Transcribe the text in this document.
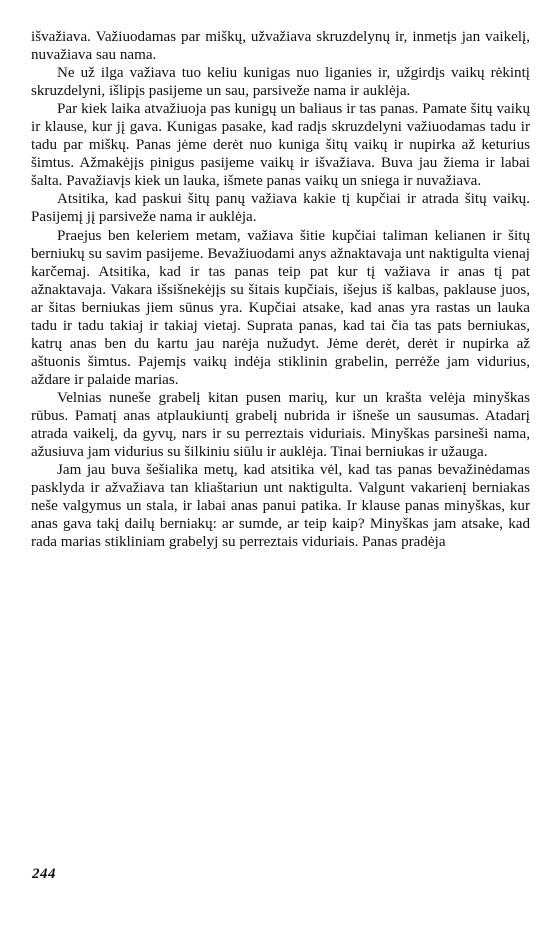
išvažiava. Važiuodamas par miškų, užvažiava skruzdelynų ir, inmetįs jan vaikelį, nuvažiava sau nama.

Ne už ilga važiava tuo keliu kunigas nuo liganies ir, užgirdįs vaikų rėkintį skruzdelyni, išlipįs pasijeme un sau, parsiveže nama ir auklėja.

Par kiek laika atvažiuoja pas kunigų un baliaus ir tas panas. Pamate šitų vaikų ir klause, kur jį gava. Kunigas pasake, kad radįs skruzdelyni važiuodamas tadu ir tadu par miškų. Panas jėme derėt nuo kuniga šitų vaikų ir nupirka až keturius šimtus. Ažmakėjįs pinigus pasijeme vaikų ir išvažiava. Buva jau žiema ir labai šalta. Pavažiavįs kiek un lauka, išmete panas vaikų un sniega ir nuvažiava.

Atsitika, kad paskui šitų panų važiava kakie tį kupčiai ir atrada šitų vaikų. Pasijemį jį parsiveže nama ir auklėja.

Praejus ben keleriem metam, važiava šitie kupčiai taliman kelianen ir šitų berniukų su savim pasijeme. Bevažiuodami anys ažnaktavaja unt naktigulta vienaj karčemaj. Atsitika, kad ir tas panas teip pat kur tį važiava ir anas tį pat ažnaktavaja. Vakara išsišnekėjįs su šitais kupčiais, išejus iš kalbas, paklause juos, ar šitas berniukas jiem sūnus yra. Kupčiai atsake, kad anas yra rastas un lauka tadu ir tadu takiaj ir takiaj vietaj. Suprata panas, kad tai čia tas pats berniukas, katrų anas ben du kartu jau narėja nužudyt. Jėme derėt, derėt ir nupirka až aštuonis šimtus. Pajemįs vaikų indėja stiklinin grabelin, perrėže jam vidurius, aždare ir palaide marias.

Velnias nuneše grabelį kitan pusen marių, kur un krašta velėja minyškas rūbus. Pamatį anas atplaukiuntį grabelį nubrida ir išneše un sausumas. Atadarį atrada vaikelį, da gyvų, nars ir su perreztais viduriais. Minyškas parsineši nama, ažusiuva jam vidurius su šilkiniu siūlu ir auklėja. Tinai berniukas ir užauga.

Jam jau buva šešialika metų, kad atsitika vėl, kad tas panas bevažinėdamas pasklyda ir ažvažiava tan kliaštariun unt naktigulta. Valgunt vakarienį berniakas neše valgymus un stala, ir labai anas panui patika. Ir klause panas minyškas, kur anas gava takį dailų berniakų: ar sumde, ar teip kaip? Minyškas jam atsake, kad rada marias stikliniam grabelyj su perreztais viduriais. Panas pradėja

244
